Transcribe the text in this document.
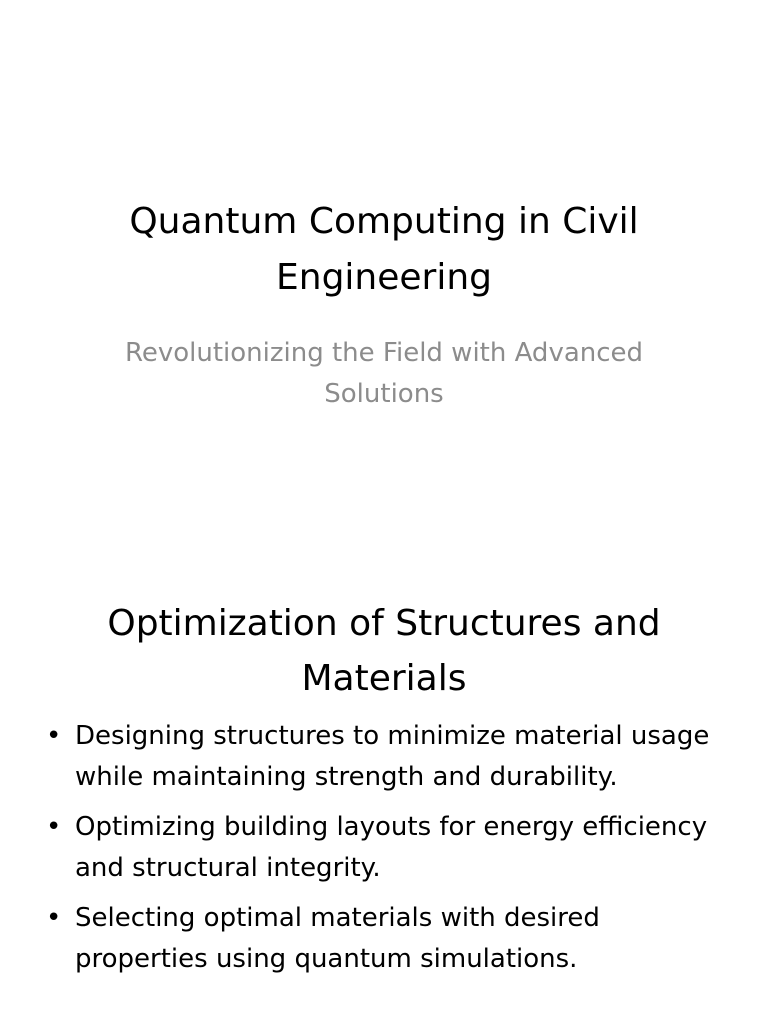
Quantum Computing in Civil Engineering

Revolutionizing the Field with Advanced Solutions

Optimization of Structures and Materials
• Designing structures to minimize material usage while maintaining strength and durability.
• Optimizing building layouts for energy efficiency and structural integrity.
• Selecting optimal materials with desired properties using quantum simulations.
